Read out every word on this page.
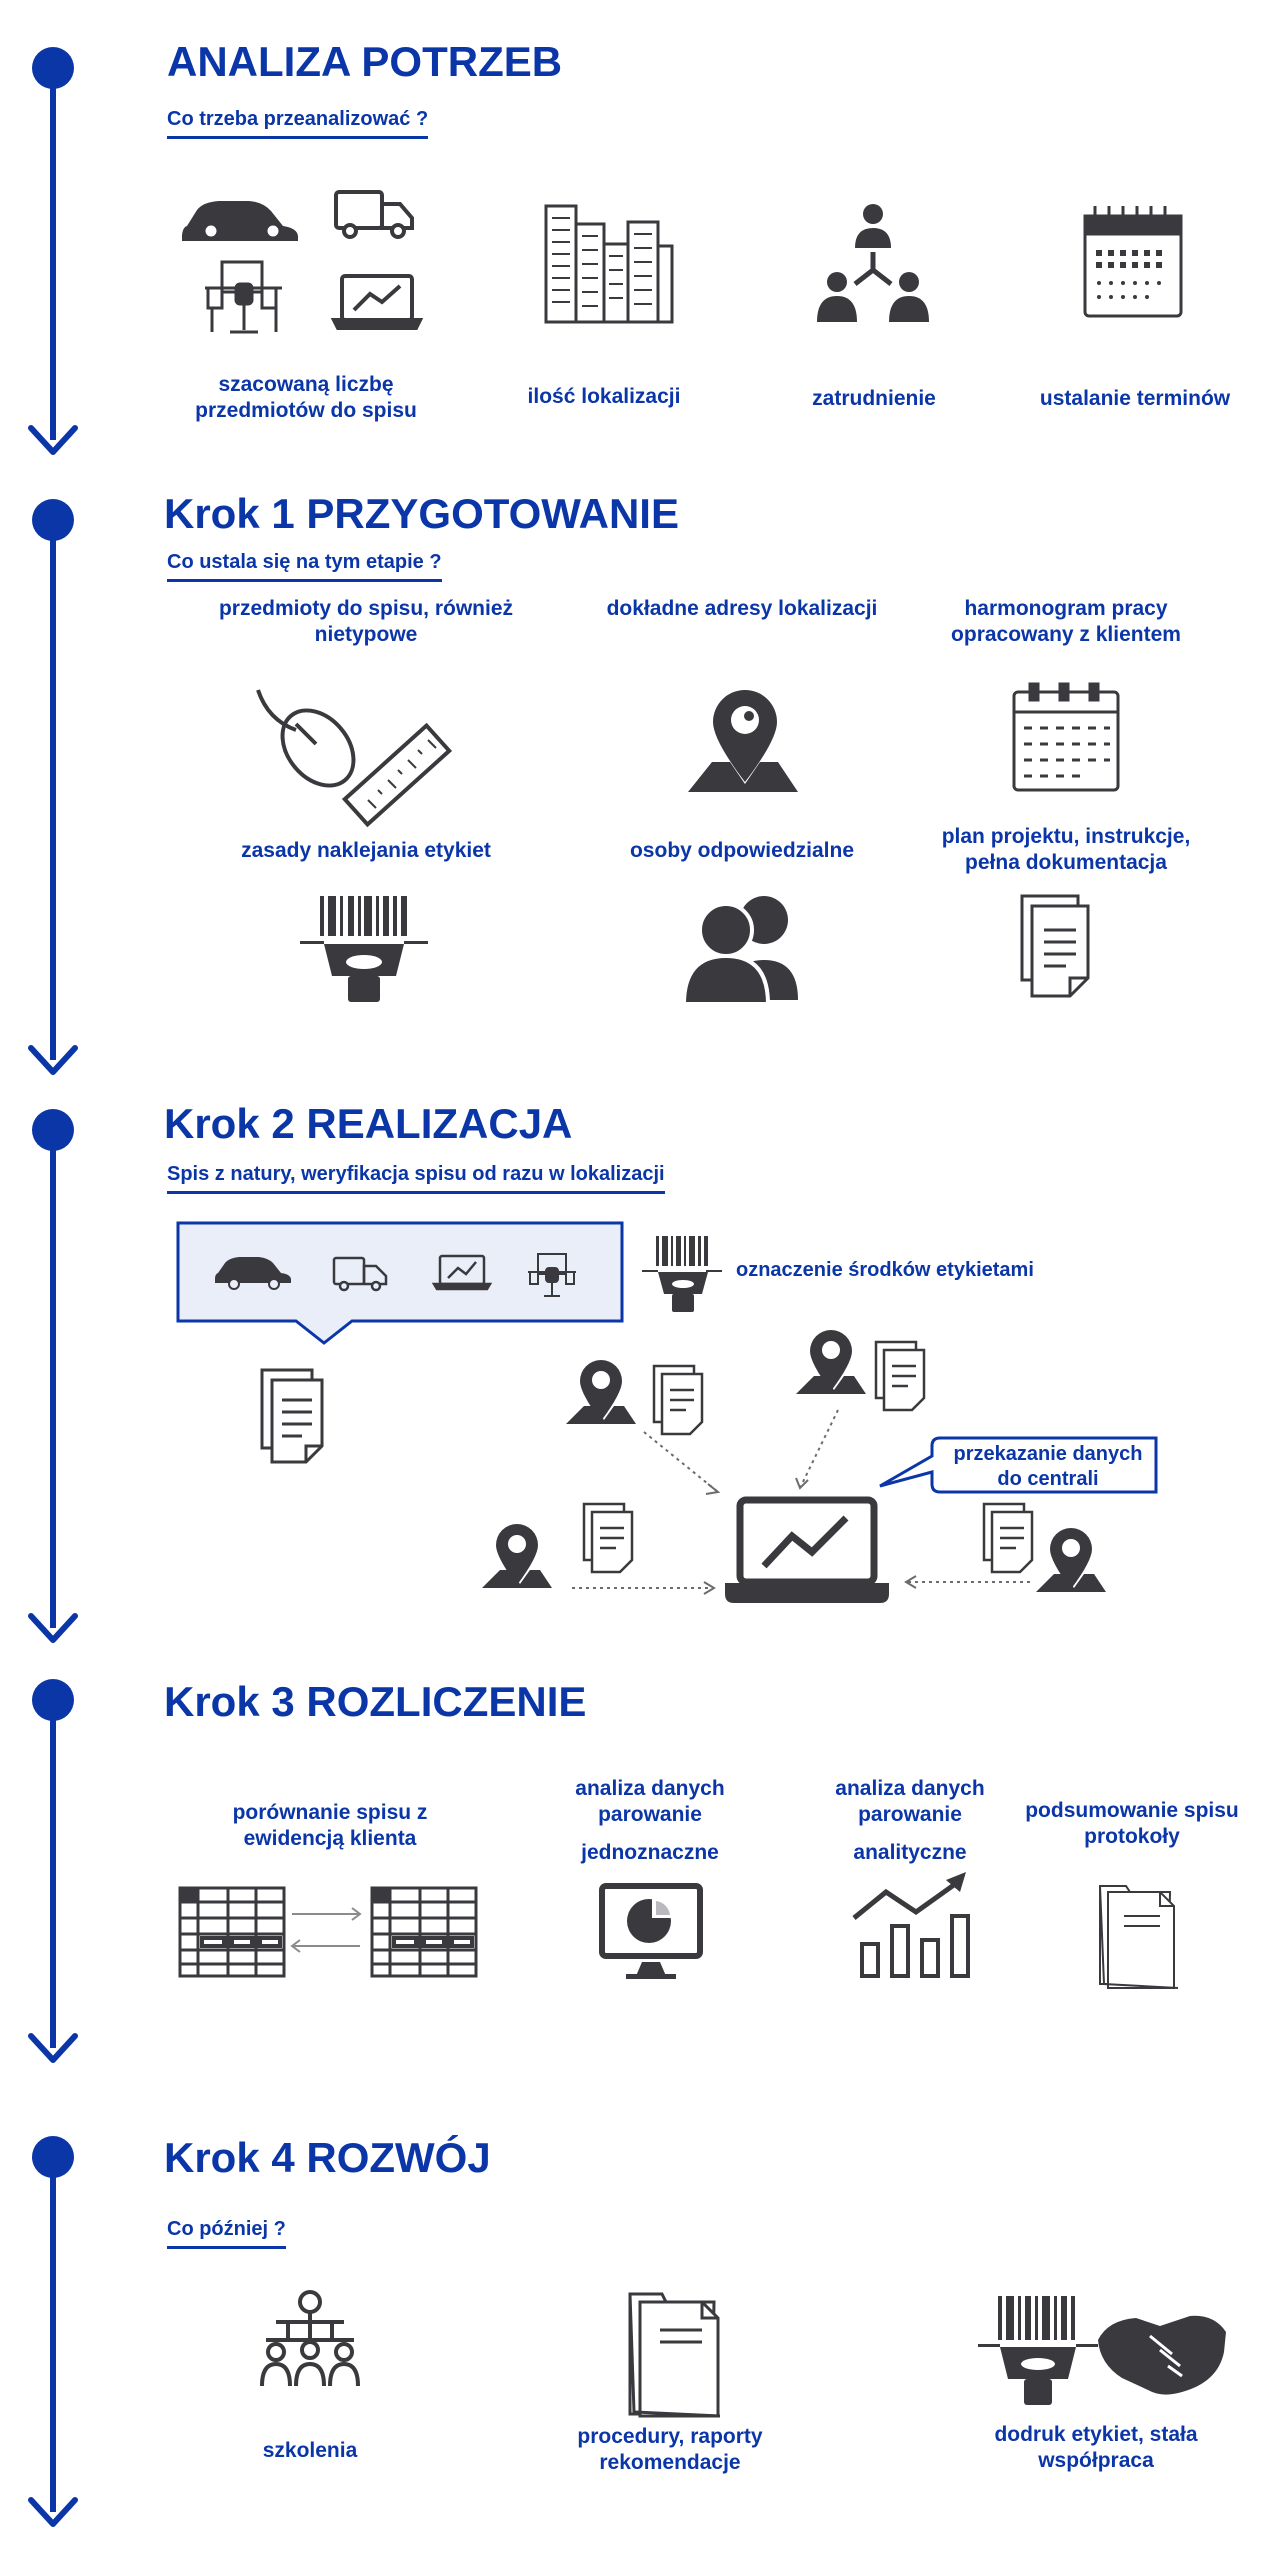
ANALIZA POTRZEB
Co trzeba przeanalizować ?
szacowaną liczbę przedmiotów do spisu
ilość lokalizacji	zatrudnienie	ustalanie terminów
Krok 1 PRZYGOTOWANIE
Co ustala się na tym etapie ?
przedmioty do spisu, również nietypowe
dokładne adresy lokalizacji	harmonogram pracy opracowany z klientem
zasady naklejania etykiet	osoby odpowiedzialne
plan projektu, instrukcje, pełna dokumentacja
Krok 2 REALIZACJA
Spis z natury, weryfikacja spisu od razu w lokalizacji
oznaczenie środków etykietami
przekazanie danych do centrali
Krok 3 ROZLICZENIE
porównanie spisu z ewidencją klienta
analiza danych parowanie
jednoznaczne
analiza danych parowanie
analityczne
podsumowanie spisu protokoły
Krok 4 ROZWÓJ
Co później ?
szkolenia
procedury, raporty rekomendacje
dodruk etykiet, stała współpraca
